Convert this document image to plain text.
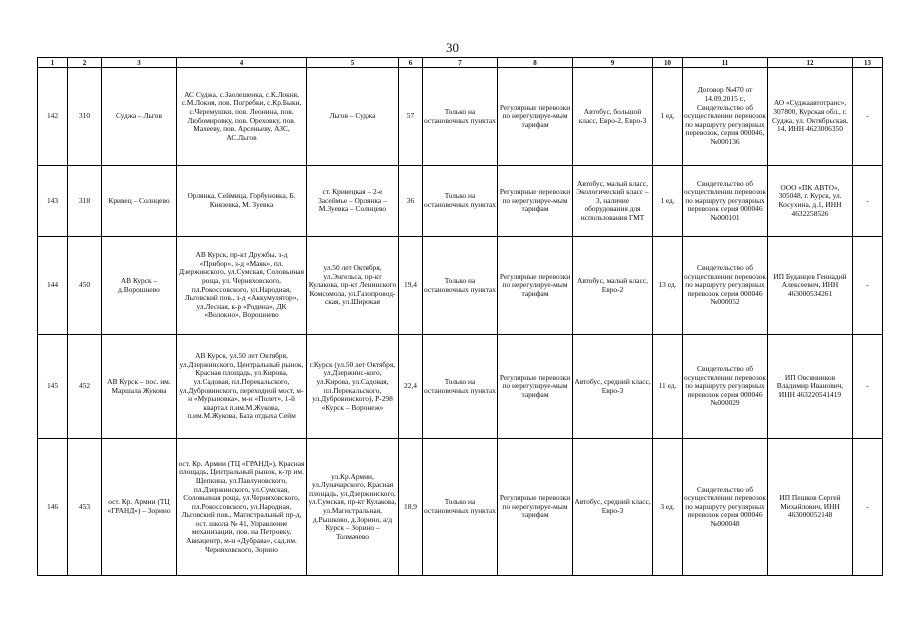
30
1	2	3	4	5	6	7	8	9	10	11	12	13
142	310	Суджа – Льгов	АС Суджа, с.Заолешенка, с.К.Локня, с.М.Локня, пов. Погребки, с.Кр.Быки, с.Черемушки, пов. Леонина, пов. Любомировку, пов. Ореховку, пов. Махееву, пов. Арсеньеву, АЗС, АС.Льгов	Льгов – Суджа	57	Только на остановочных пунктах	Регулярные перевозки по нерегулируе-мым тарифам	Автобус, большой класс, Евро-2, Евро-3	1 ед.	Договор №470 от 14.09.2015 г., Свидетельство об осуществлении перевозок по маршруту регулярных перевозок, серия 000046, №000136	АО «Суджаавтотранс», 307800, Курская обл., г. Суджа, ул. Октябрьская, 14, ИНН 4623006350	-
143	318	Кривец – Солнцево	Орлянка, Сеймица, Горбуновка, Б. Князевка, М. Зуевка	ст. Кривецкая – 2-е Засеймье – Орлянка – М.Зуевка – Солнцево	36	Только на остановочных пунктах	Регулярные перевозки по нерегулируе-мым тарифам	Автобус, малый класс, Экологический класс – 3, наличие оборудования для использования ГМТ	1 ед.	Свидетельство об осуществлении перевозок по маршруту регулярных перевозок серия 000046 №000101	ООО «ПК АВТО», 305048, г. Курск, ул. Косухина, д.1, ИНН 4632258526	-
144	450	АВ Курск – д.Ворошнево	АВ Курск, пр-кт Дружбы, з-д «Прибор», з-д «Маяк», пл. Дзержинского, ул.Сумская, Соловьиная роща, ул. Черняховского, пл.Рокоссовского, ул.Народная, Льговский пов., з-д «Аккумулятор», ул.Лесная, к-р «Родина», ДК «Волокно», Ворошнево	ул.50 лет Октября, ул.Энгельса, пр-кт Кулакова, пр-кт Ленинского Комсомола, ул.Газопровод-ская, ул.Широкая	19,4	Только на остановочных пунктах	Регулярные перевозки по нерегулируе-мым тарифам	Автобус, малый класс, Евро-2	13 ед.	Свидетельство об осуществлении перевозок по маршруту регулярных перевозок серия 000046 №000052	ИП Буданцев Геннадий Алексеевич, ИНН 463000534261	-
145	452	АВ Курск – пос. им. Маршала Жукова	АВ Курск, ул.50 лет Октября, ул.Дзержинского, Центральный рынок, Красная площадь, ул.Кирова, ул.Садовая, пл.Перекальского, ул.Дубровинского, переходной мост, м-н «Мурыновка», м-н «Полет», 1-й квартал п.им.М.Жукова, п.им.М.Жукова, База отдыха Сейм	г.Курск (ул.50 лет Октября, ул.Дзержинс-кого, ул.Кирова, ул.Садовая, пл.Перекальского, ул.Дубровинского), Р-298 «Курск – Воронеж»	22,4	Только на остановочных пунктах	Регулярные перевозки по нерегулируе-мым тарифам	Автобус, средний класс, Евро-3	11 ед.	Свидетельство об осуществлении перевозок по маршруту регулярных перевозок серия 000046 №000029	ИП Овсянников Владимир Иванович, ИНН 463220541419	-
146	453	ост. Кр. Армии (ТЦ «ГРАНД») – Зорино	ост. Кр. Армии (ТЦ «ГРАНД»), Красная площадь, Центральный рынок, к-тр им. Щепкина, ул.Павлуновского, пл.Дзержинского, ул.Сумская, Соловьиная роща, ул.Черняховского, пл.Рокоссовского, ул.Народная, Льговский пов., Магистральный пр-д, ост. школа № 41, Управление механизации, пов. на Петровку, Авиацентр, м-н «Дубрава», сад.им. Черняховского, Зорино	ул.Кр.Армии, ул.Луначарского, Красная площадь, ул.Дзержинского, ул.Сумская, пр-кт Кулакова, ул.Магистральная, д.Рышково, д.Зорино, а/д Курск – Зорино – Толмачево	18,9	Только на остановочных пунктах	Регулярные перевозки по нерегулируе-мым тарифам	Автобус, средний класс, Евро-3	3 ед.	Свидетельство об осуществлении перевозок по маршруту регулярных перевозок серия 000046 №000048	ИП Пешков Сергей Михайлович, ИНН 463000052148	-
